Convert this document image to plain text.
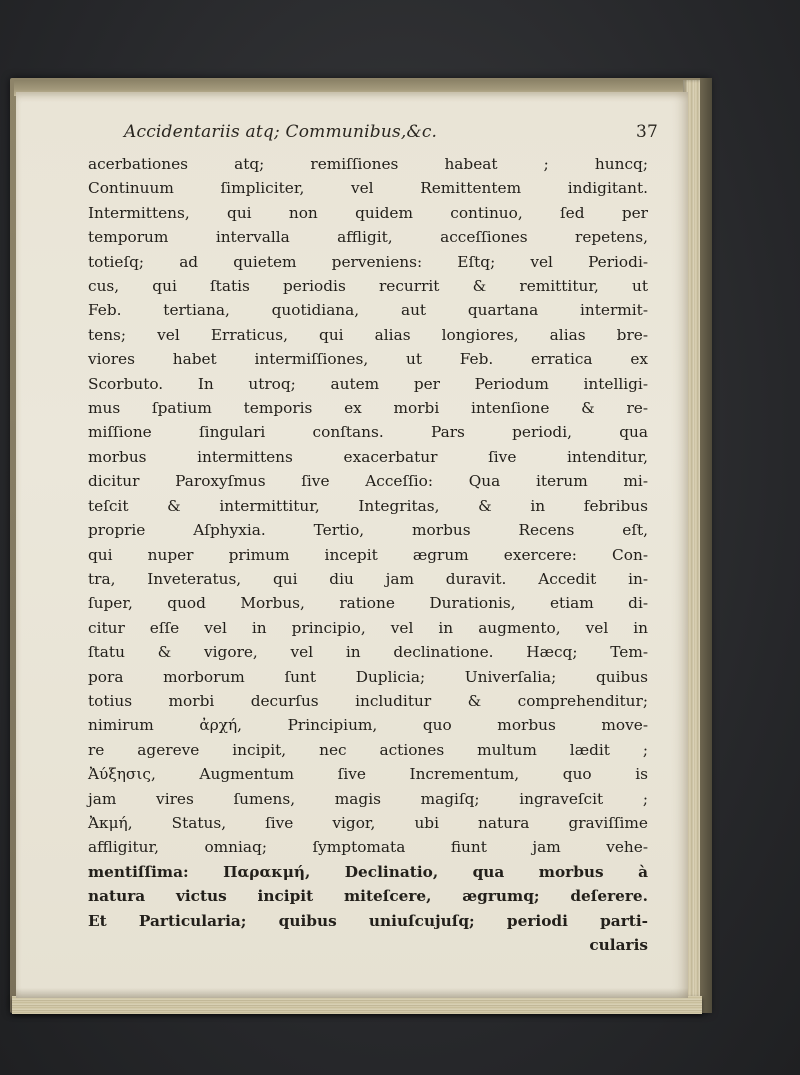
Accidentariis atq; Communibus,&c.	37
acerbationes atq; remiſſiones habeat ; huncq;
Continuum ſimpliciter, vel Remittentem indigitant.
Intermittens, qui non quidem continuo, ſed per
temporum intervalla affligit, acceſſiones repetens,
totieſq; ad quietem perveniens: Eſtq; vel Periodi-
cus, qui ſtatis periodis recurrit & remittitur, ut
Feb. tertiana, quotidiana, aut quartana intermit-
tens; vel Erraticus, qui alias longiores, alias bre-
viores habet intermiſſiones, ut Feb. erratica ex
Scorbuto. In utroq; autem per Periodum intelligi-
mus ſpatium temporis ex morbi intenſione & re-
miſſione ſingulari conſtans. Pars periodi, qua
morbus intermittens exacerbatur ſive intenditur,
dicitur Paroxyſmus ſive Acceſſio: Qua iterum mi-
teſcit & intermittitur, Integritas, & in febribus
proprie Aſphyxia. Tertio, morbus Recens eſt,
qui nuper primum incepit ægrum exercere: Con-
tra, Inveteratus, qui diu jam duravit. Accedit in-
ſuper, quod Morbus, ratione Durationis, etiam di-
citur eſſe vel in principio, vel in augmento, vel in
ſtatu & vigore, vel in declinatione. Hæcq; Tem-
pora morborum ſunt Duplicia; Univerſalia; quibus
totius morbi decurſus includitur & comprehenditur;
nimirum ἀρχή, Principium, quo morbus move-
re agereve incipit, nec actiones multum lædit ;
Ἀύξησις, Augmentum ſive Incrementum, quo is
jam vires ſumens, magis magiſq; ingraveſcit ;
Ἀκμή, Status, ſive vigor, ubi natura graviſſime
affligitur, omniaq; ſymptomata fiunt jam vehe-
mentiſſima: Παρακμή, Declinatio, qua morbus à
natura victus incipit miteſcere, ægrumq; deſerere.
Et Particularia; quibus uniuſcujuſq; periodi parti-
cularis
